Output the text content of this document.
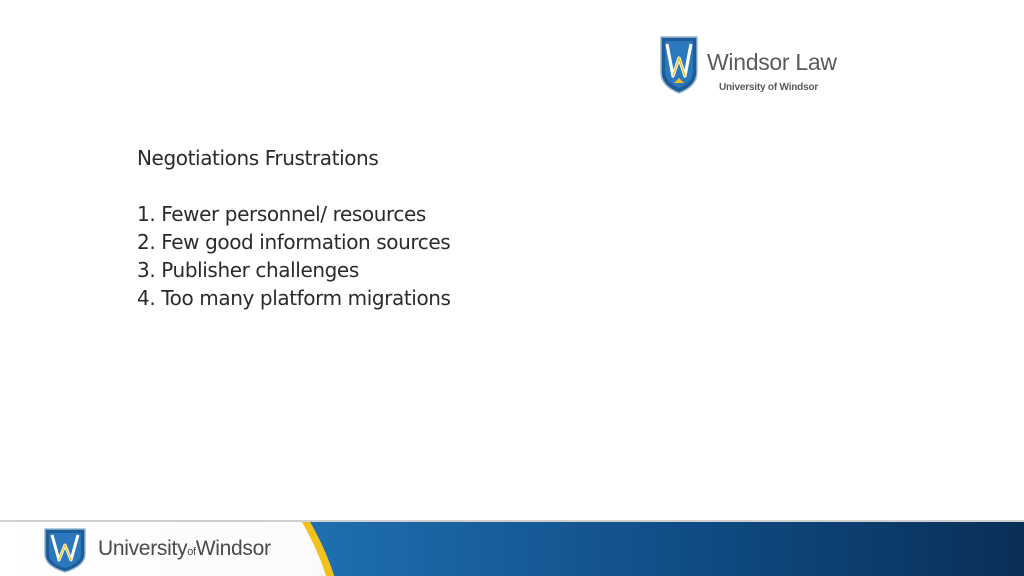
Windsor Law
University of Windsor
Negotiations Frustrations
1. Fewer personnel/ resources
2. Few good information sources
3. Publisher challenges
4. Too many platform migrations
UniversityofWindsor
